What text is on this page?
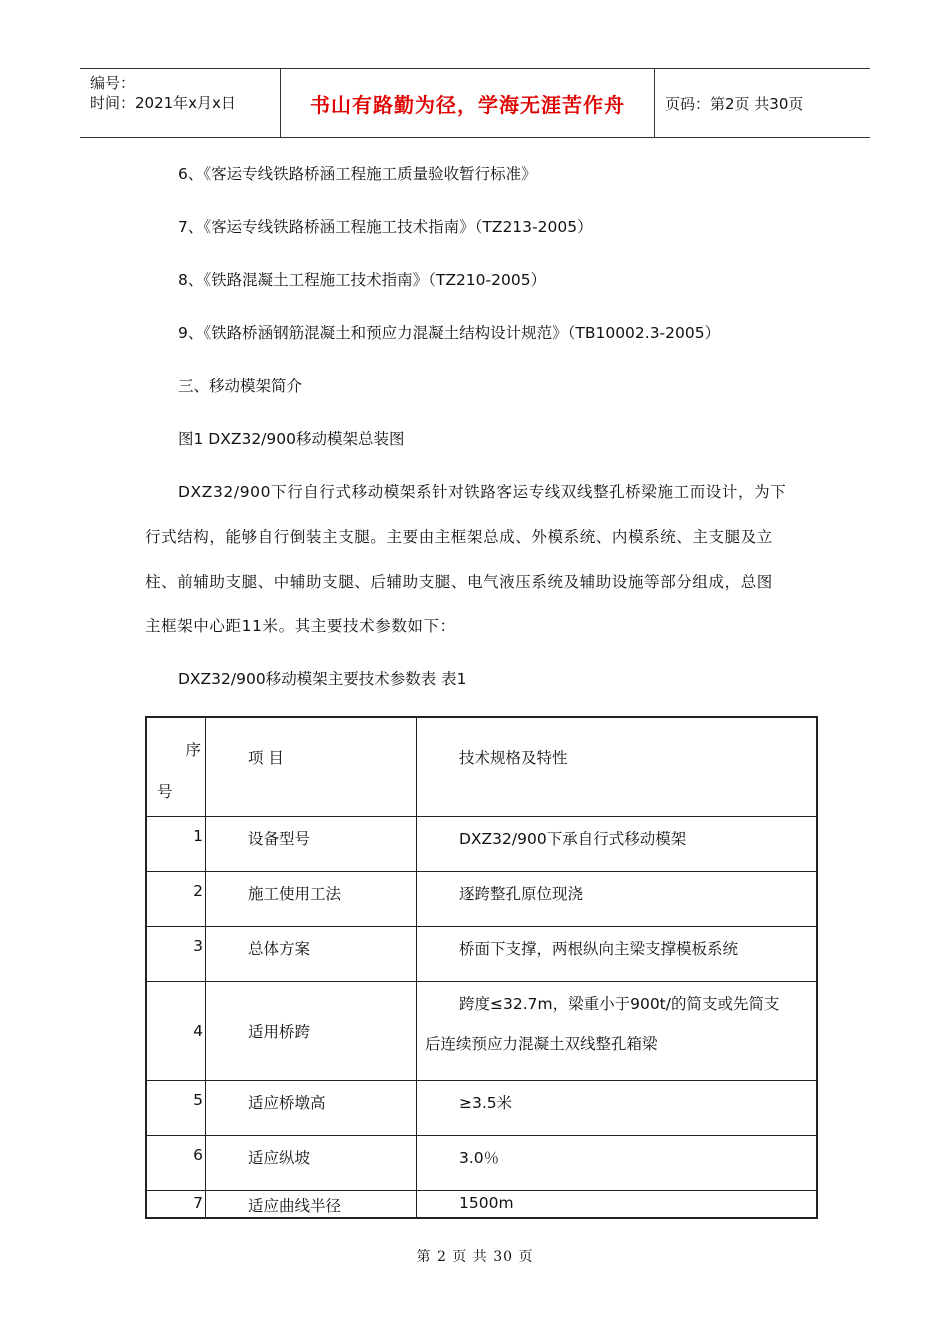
编号：
时间：2021年x月x日	书山有路勤为径，学海无涯苦作舟	页码：第2页 共30页
6、《客运专线铁路桥涵工程施工质量验收暂行标准》
7、《客运专线铁路桥涵工程施工技术指南》（TZ213-2005）
8、《铁路混凝土工程施工技术指南》（TZ210-2005）
9、《铁路桥涵钢筋混凝土和预应力混凝土结构设计规范》（TB10002.3-2005）
三、移动模架简介
图1 DXZ32/900移动模架总装图
DXZ32/900下行自行式移动模架系针对铁路客运专线双线整孔桥梁施工而设计，为下
行式结构，能够自行倒装主支腿。主要由主框架总成、外模系统、内模系统、主支腿及立
柱、前辅助支腿、中辅助支腿、后辅助支腿、电气液压系统及辅助设施等部分组成，总图
主框架中心距11米。其主要技术参数如下：
DXZ32/900移动模架主要技术参数表 表1
序
号	项 目	技术规格及特性

1	设备型号	DXZ32/900下承自行式移动模架

2	施工使用工法	逐跨整孔原位现浇

3	总体方案	桥面下支撑，两根纵向主梁支撑模板系统

4	适用桥跨	跨度≤32.7m，梁重小于900t/的简支或先简支
后连续预应力混凝土双线整孔箱梁

5	适应桥墩高	≥3.5米

6	适应纵坡	3.0％

7	适应曲线半径	1500m
第 2 页 共 30 页
